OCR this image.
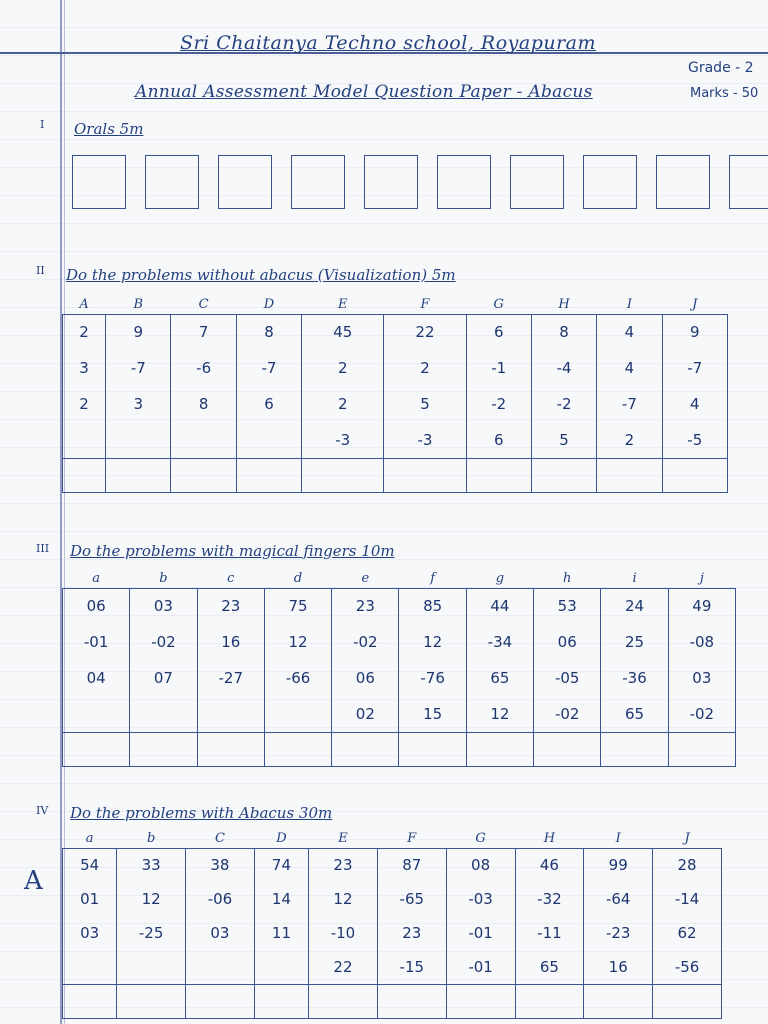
Sri Chaitanya Techno school, Royapuram
Annual Assessment Model Question Paper - Abacus
Grade - 2
Marks - 50
I Orals 5m
II Do the problems without abacus (Visualization) 5m
A	B	C	D	E	F	G	H	I	J
2	9	7	8	45	22	6	8	4	9
3	-7	-6	-7	2	2	-1	-4	4	-7
2	3	8	6	2	5	-2	-2	-7	4
				-3	-3	6	5	2	-5

III Do the problems with magical fingers 10m
a	b	c	d	e	f	g	h	i	j
06	03	23	75	23	85	44	53	24	49
-01	-02	16	12	-02	12	-34	06	25	-08
04	07	-27	-66	06	-76	65	-05	-36	03
				02	15	12	-02	65	-02

IV Do the problems with Abacus 30m
a	b	C	D	E	F	G	H	I	J
54	33	38	74	23	87	08	46	99	28
01	12	-06	14	12	-65	-03	-32	-64	-14
03	-25	03	11	-10	23	-01	-11	-23	62
				22	-15	-01	65	16	-56

A
